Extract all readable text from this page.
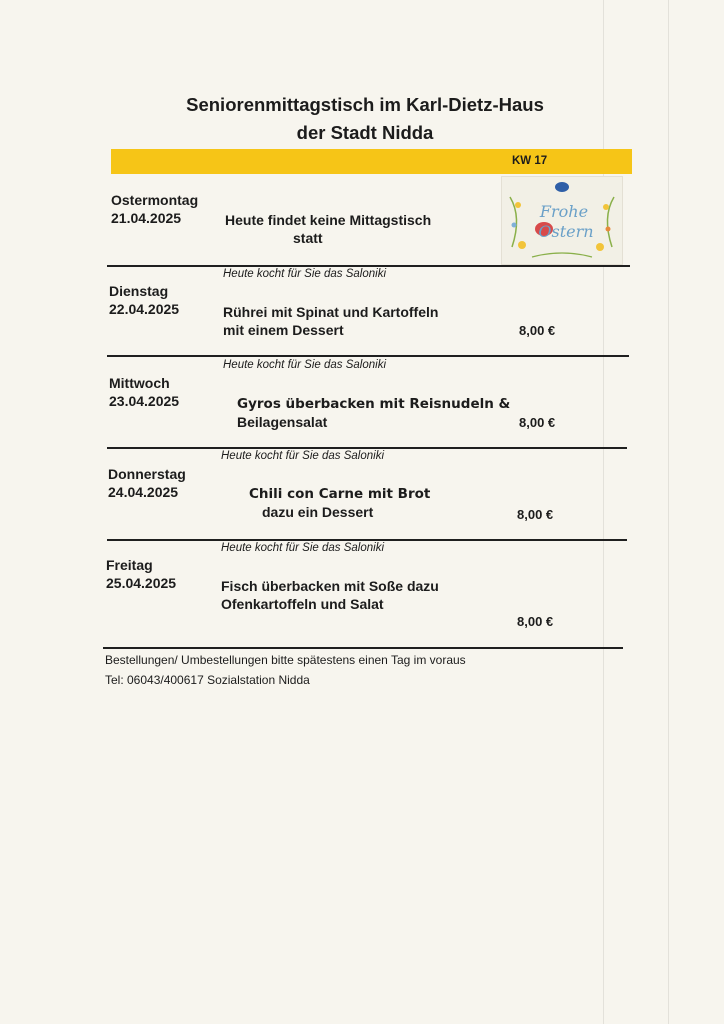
Seniorenmittagstisch im Karl-Dietz-Haus
der Stadt Nidda
KW 17
Frohe
Ostern
Ostermontag
21.04.2025	Heute findet keine Mittagstisch
statt
Heute kocht für Sie das Saloniki
Dienstag
22.04.2025	Rührei mit Spinat und Kartoffeln
mit einem Dessert	8,00 €
Heute kocht für Sie das Saloniki
Mittwoch
23.04.2025	Gyros überbacken mit Reisnudeln &
Beilagensalat	8,00 €
Heute kocht für Sie das Saloniki
Donnerstag
24.04.2025	Chili con Carne mit Brot
dazu ein Dessert	8,00 €
Heute kocht für Sie das Saloniki
Freitag
25.04.2025	Fisch überbacken mit Soße dazu
Ofenkartoffeln und Salat
8,00 €
Bestellungen/ Umbestellungen bitte spätestens einen Tag im voraus
Tel: 06043/400617 Sozialstation Nidda
